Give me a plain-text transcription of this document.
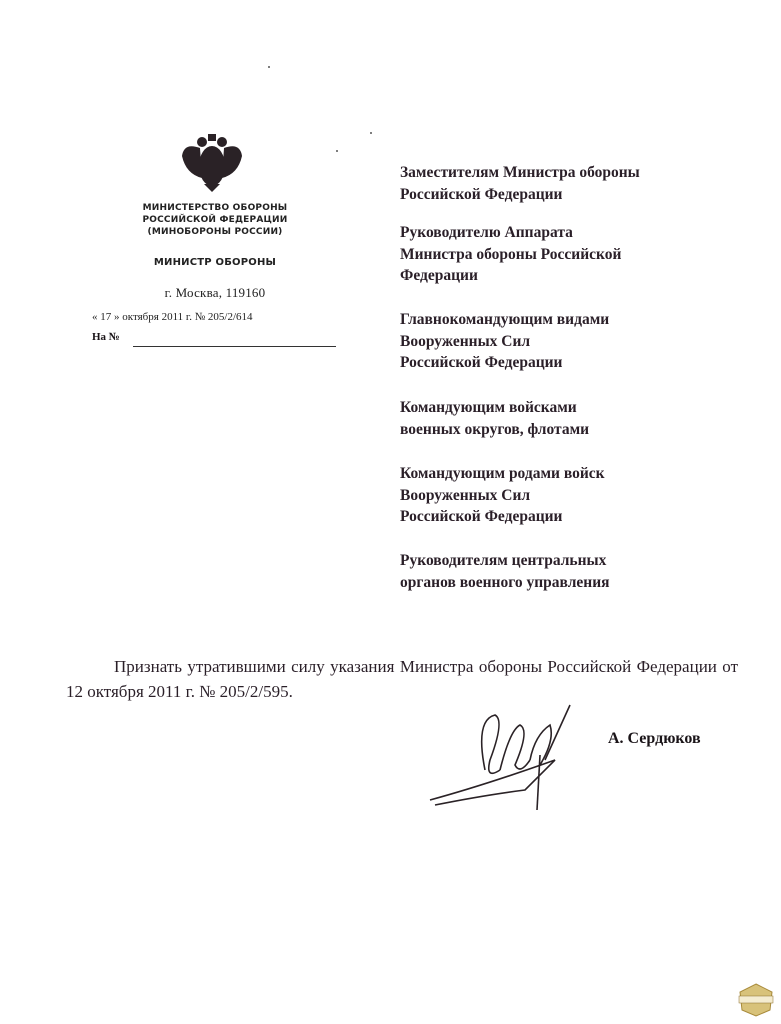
МИНИСТЕРСТВО ОБОРОНЫ
РОССИЙСКОЙ ФЕДЕРАЦИИ
(МИНОБОРОНЫ РОССИИ)
МИНИСТР ОБОРОНЫ
г. Москва, 119160
« 17 » октября 2011 г. № 205/2/614
На №
Заместителям Министра обороны
Российской Федерации
Руководителю Аппарата
Министра обороны Российской
Федерации
Главнокомандующим видами
Вооруженных Сил
Российской Федерации
Командующим войсками
военных округов, флотами
Командующим родами войск
Вооруженных Сил
Российской Федерации
Руководителям центральных
органов военного управления
Признать утратившими силу указания Министра обороны Российской Федерации от 12 октября 2011 г. № 205/2/595.
А. Сердюков
